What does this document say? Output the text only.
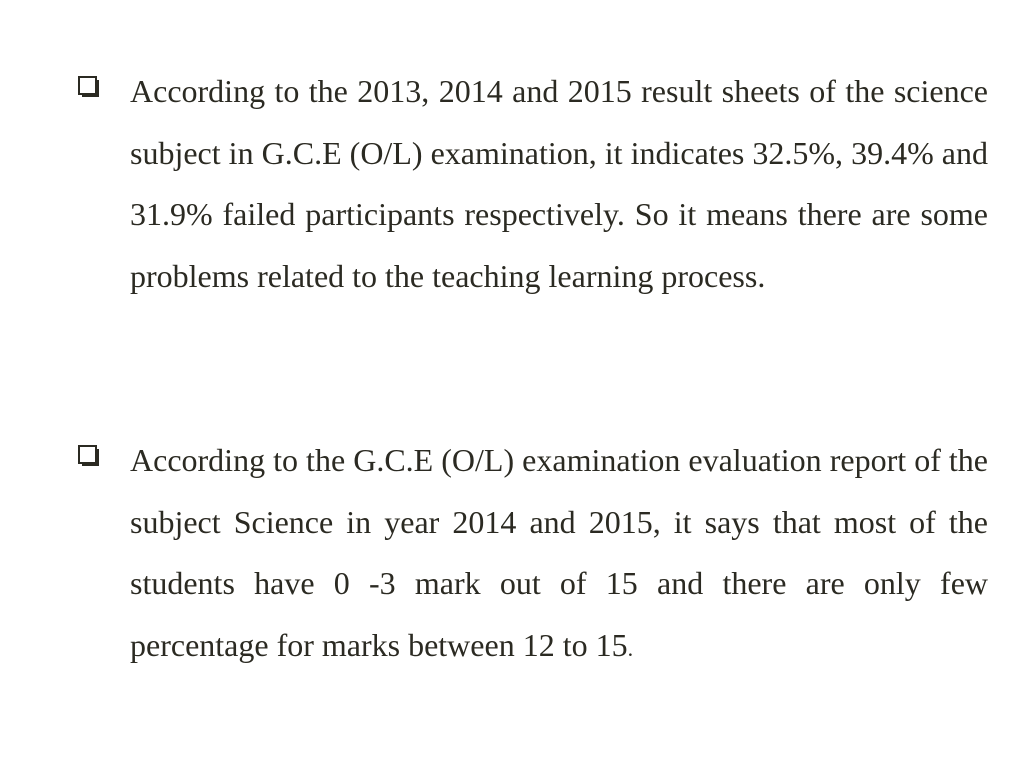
According to the 2013, 2014 and 2015 result sheets of the science subject in G.C.E (O/L) examination, it indicates 32.5%, 39.4% and 31.9% failed participants respectively. So it means there are some problems related to the teaching learning process.

According to the G.C.E (O/L) examination evaluation report of the subject Science in year 2014 and 2015, it says that most of the students have 0 -3 mark out of 15 and there are only few percentage for marks between 12 to 15.
